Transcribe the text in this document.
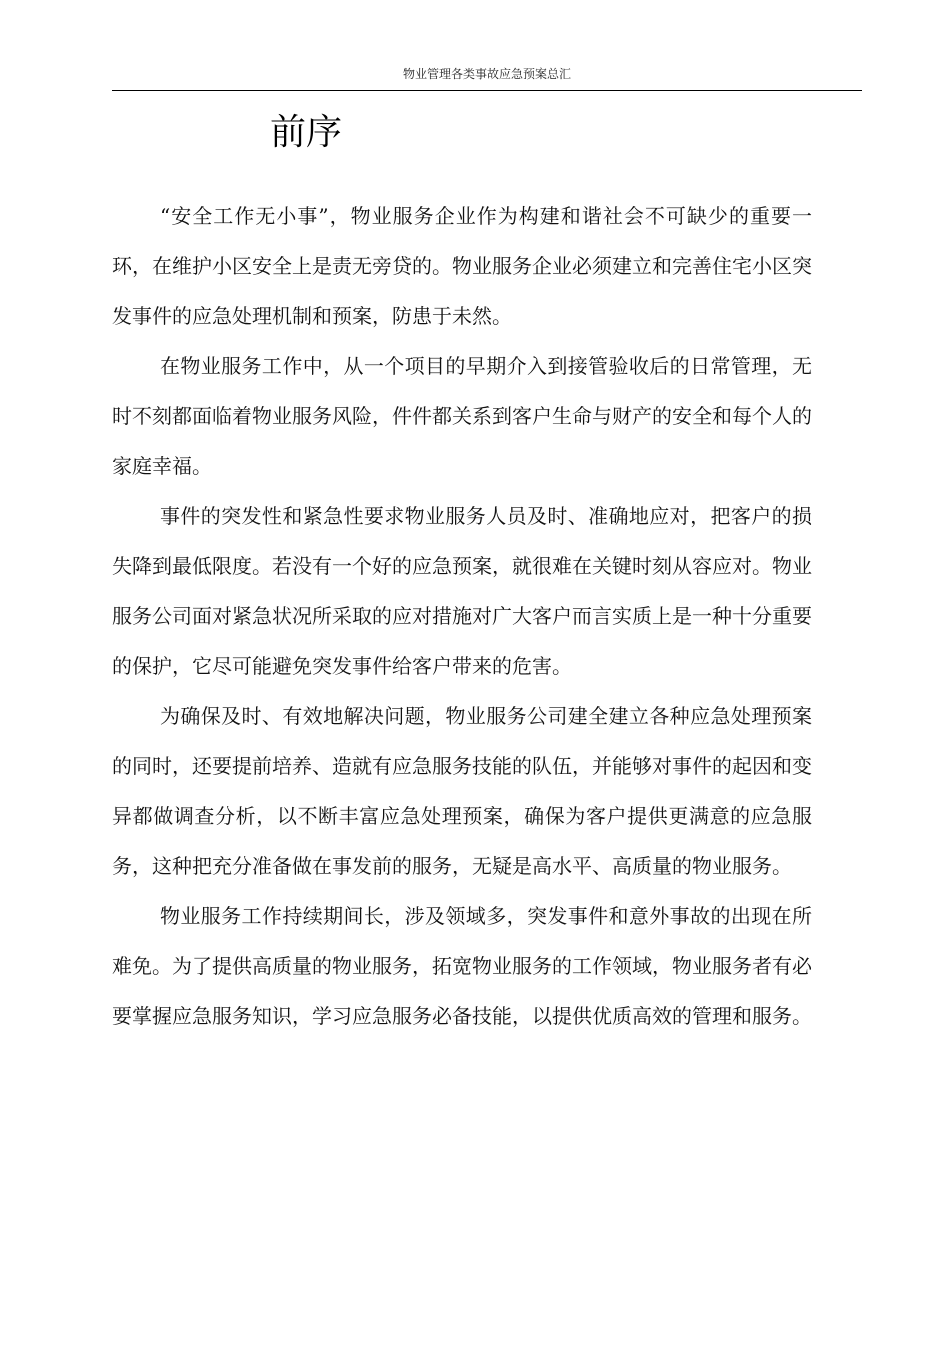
物业管理各类事故应急预案总汇
前序

“安全工作无小事”，物业服务企业作为构建和谐社会不可缺少的重要一环，在维护小区安全上是责无旁贷的。物业服务企业必须建立和完善住宅小区突发事件的应急处理机制和预案，防患于未然。

在物业服务工作中，从一个项目的早期介入到接管验收后的日常管理，无时不刻都面临着物业服务风险，件件都关系到客户生命与财产的安全和每个人的家庭幸福。

事件的突发性和紧急性要求物业服务人员及时、准确地应对，把客户的损失降到最低限度。若没有一个好的应急预案，就很难在关键时刻从容应对。物业服务公司面对紧急状况所采取的应对措施对广大客户而言实质上是一种十分重要的保护，它尽可能避免突发事件给客户带来的危害。

为确保及时、有效地解决问题，物业服务公司建全建立各种应急处理预案的同时，还要提前培养、造就有应急服务技能的队伍，并能够对事件的起因和变异都做调查分析，以不断丰富应急处理预案，确保为客户提供更满意的应急服务，这种把充分准备做在事发前的服务，无疑是高水平、高质量的物业服务。

物业服务工作持续期间长，涉及领域多，突发事件和意外事故的出现在所难免。为了提供高质量的物业服务，拓宽物业服务的工作领域，物业服务者有必要掌握应急服务知识，学习应急服务必备技能，以提供优质高效的管理和服务。
